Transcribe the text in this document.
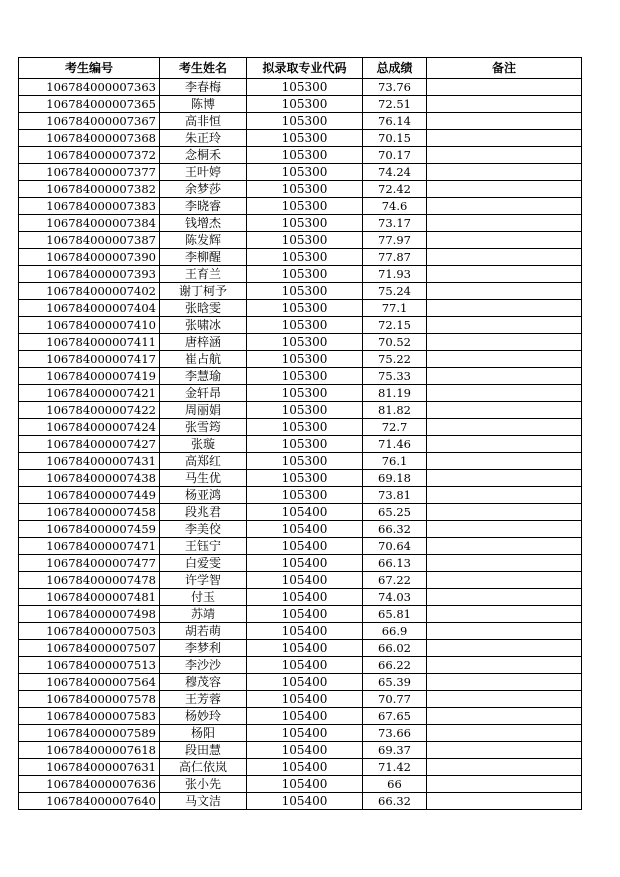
考生编号	考生姓名	拟录取专业代码	总成绩	备注
106784000007363	李春梅	105300	73.76	
106784000007365	陈博	105300	72.51	
106784000007367	高非恒	105300	76.14	
106784000007368	朱正玲	105300	70.15	
106784000007372	念桐禾	105300	70.17	
106784000007377	王叶婷	105300	74.24	
106784000007382	余梦莎	105300	72.42	
106784000007383	李晓睿	105300	74.6	
106784000007384	钱增杰	105300	73.17	
106784000007387	陈发辉	105300	77.97	
106784000007390	李柳醒	105300	77.87	
106784000007393	王育兰	105300	71.93	
106784000007402	谢丁柯予	105300	75.24	
106784000007404	张晗雯	105300	77.1	
106784000007410	张啸冰	105300	72.15	
106784000007411	唐梓涵	105300	70.52	
106784000007417	崔占航	105300	75.22	
106784000007419	李慧瑜	105300	75.33	
106784000007421	金轩昂	105300	81.19	
106784000007422	周丽娟	105300	81.82	
106784000007424	张雪筠	105300	72.7	
106784000007427	张璇	105300	71.46	
106784000007431	高郑红	105300	76.1	
106784000007438	马生优	105300	69.18	
106784000007449	杨亚鸿	105300	73.81	
106784000007458	段兆君	105400	65.25	
106784000007459	李美佼	105400	66.32	
106784000007471	王钰宁	105400	70.64	
106784000007477	白爱雯	105400	66.13	
106784000007478	许学智	105400	67.22	
106784000007481	付玉	105400	74.03	
106784000007498	苏靖	105400	65.81	
106784000007503	胡若萌	105400	66.9	
106784000007507	李梦利	105400	66.02	
106784000007513	李沙沙	105400	66.22	
106784000007564	穆茂容	105400	65.39	
106784000007578	王芳蓉	105400	70.77	
106784000007583	杨妙玲	105400	67.65	
106784000007589	杨阳	105400	73.66	
106784000007618	段田慧	105400	69.37	
106784000007631	高仁依岚	105400	71.42	
106784000007636	张小先	105400	66	
106784000007640	马文洁	105400	66.32	
